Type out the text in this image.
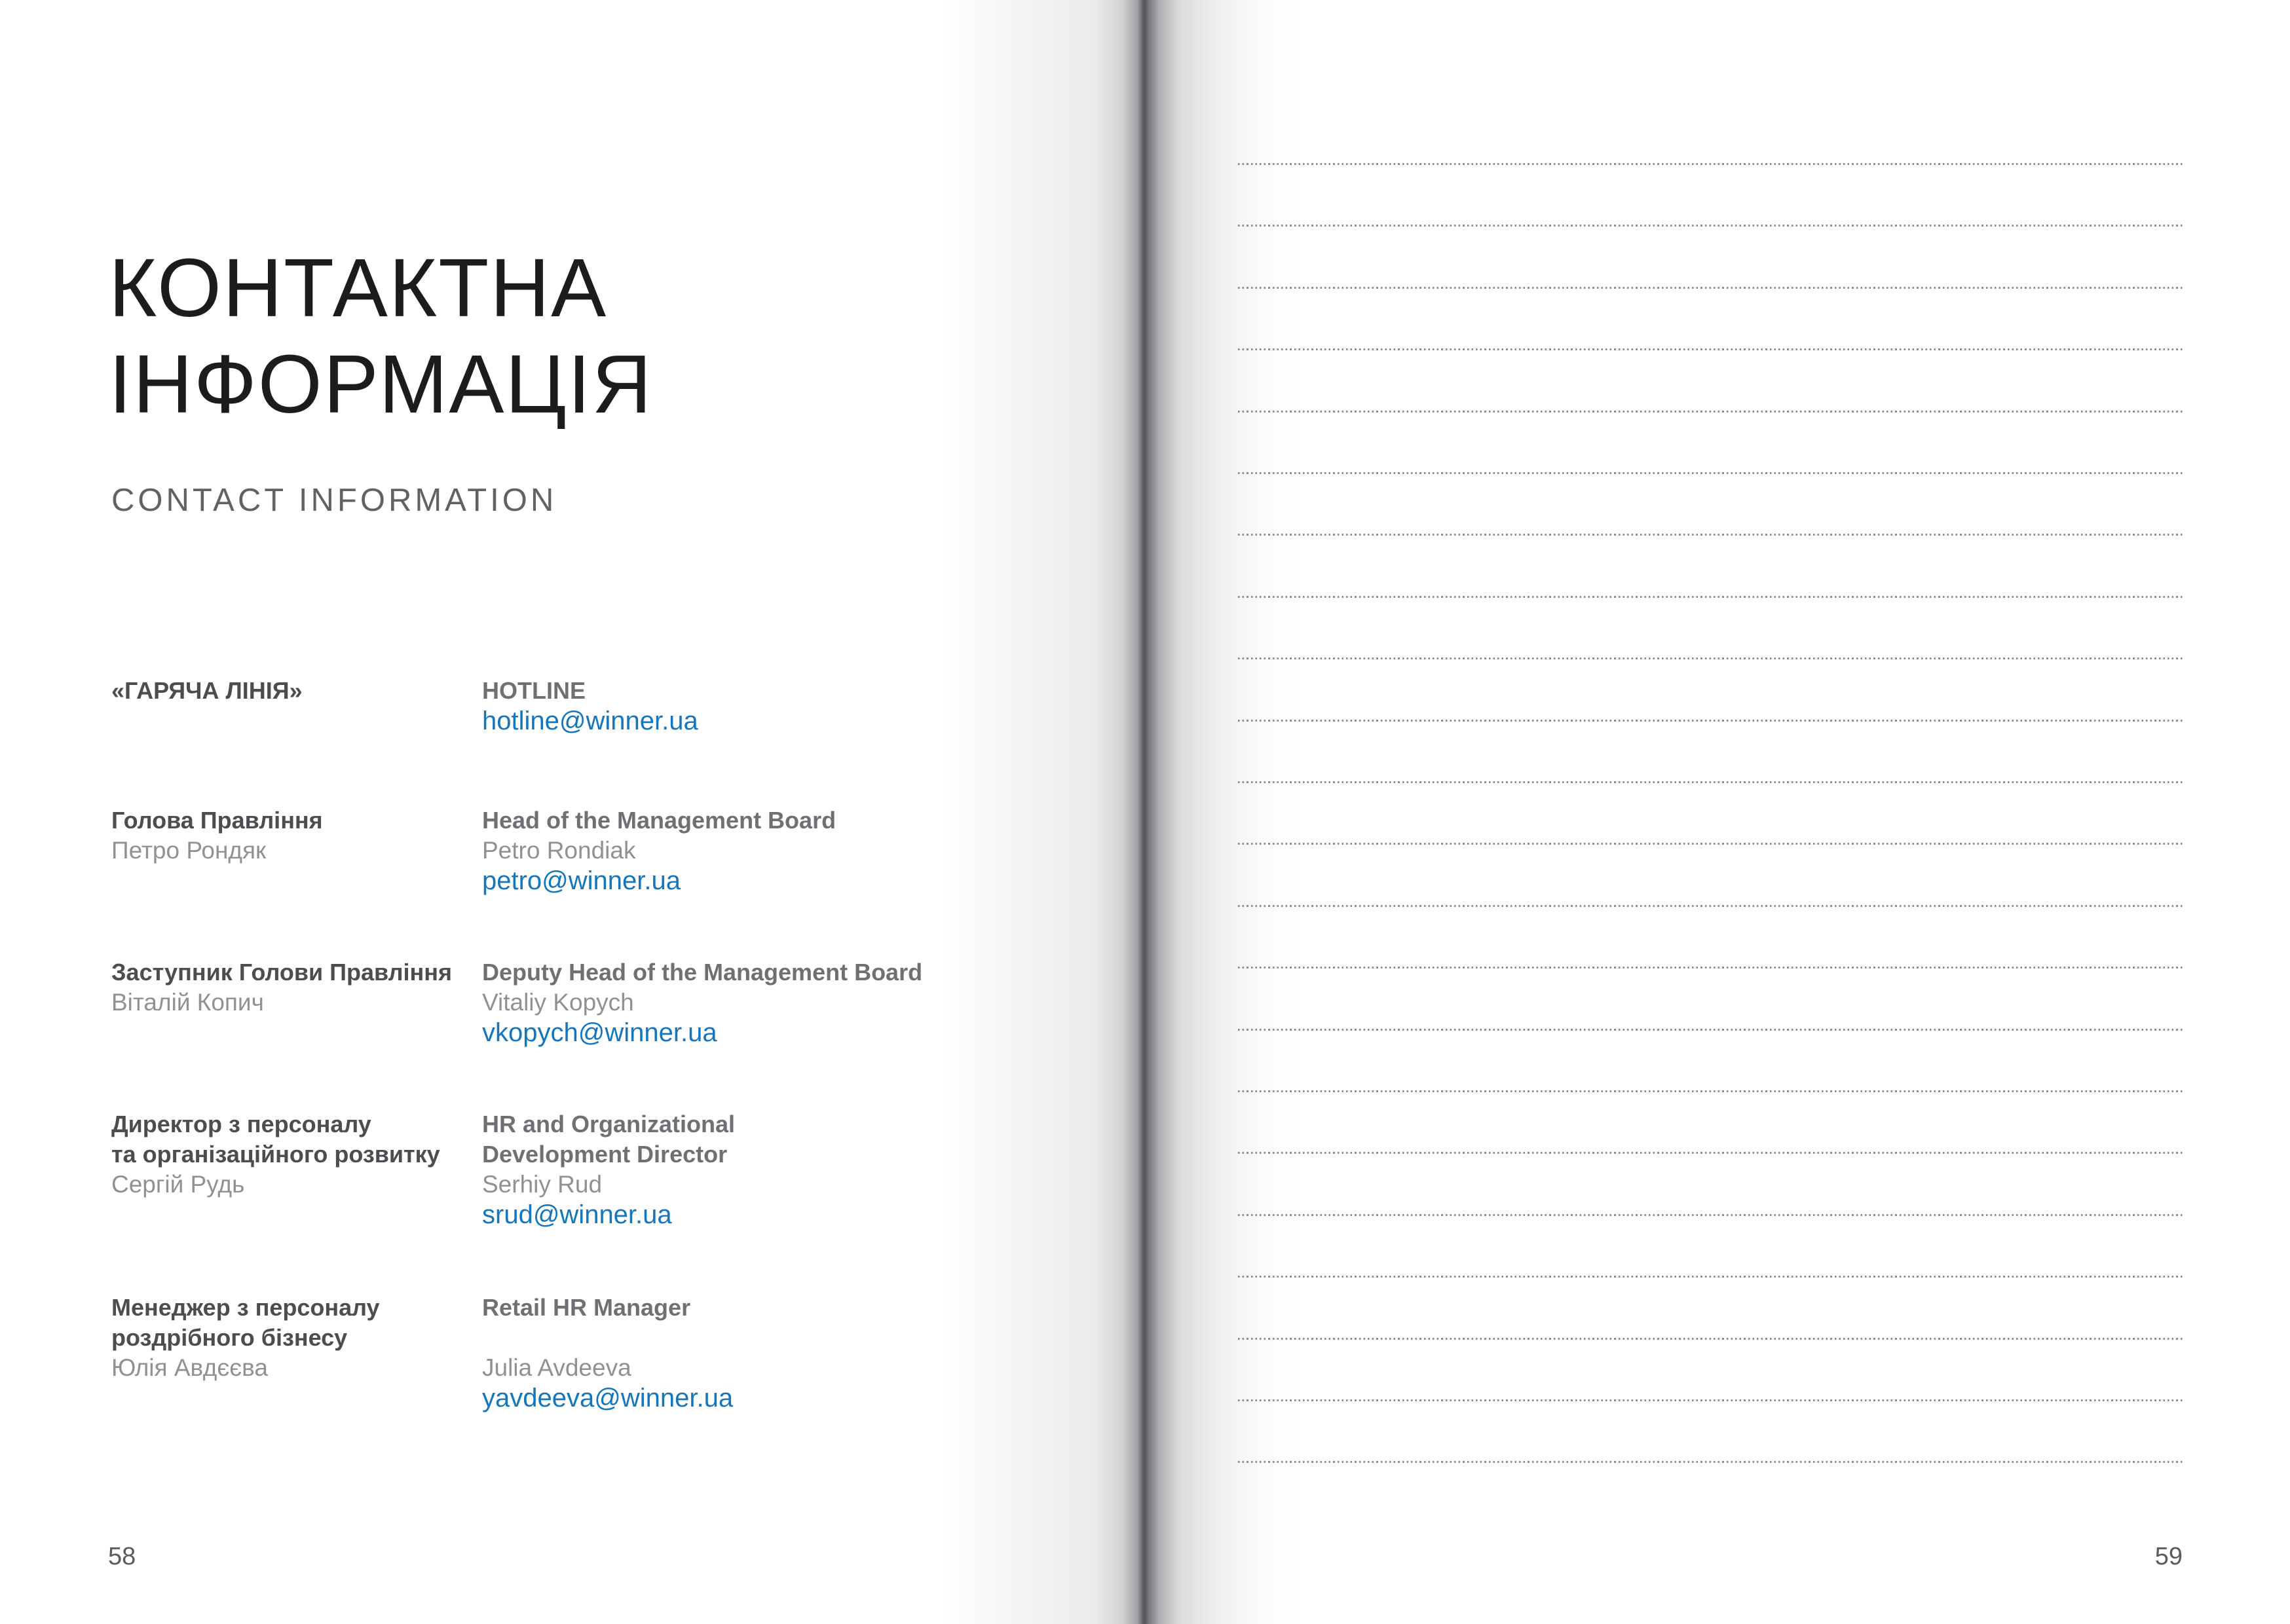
КОНТАКТНА
ІНФОРМАЦІЯ
CONTACT INFORMATION
«ГАРЯЧА ЛІНІЯ»	HOTLINE
hotline@winner.ua
Голова Правління
Петро Рондяк
Head of the Management Board
Petro Rondiak
petro@winner.ua
Заступник Голови Правління
Віталій Копич
Deputy Head of the Management Board
Vitaliy Kopych
vkopych@winner.ua
Директор з персоналу
та організаційного розвитку
Сергій Рудь
HR and Organizational
Development Director
Serhiy Rud
srud@winner.ua
Менеджер з персоналу
роздрібного бізнесу
Юлія Авдєєва
Retail HR Manager
Julia Avdeeva
yavdeeva@winner.ua
58	59
